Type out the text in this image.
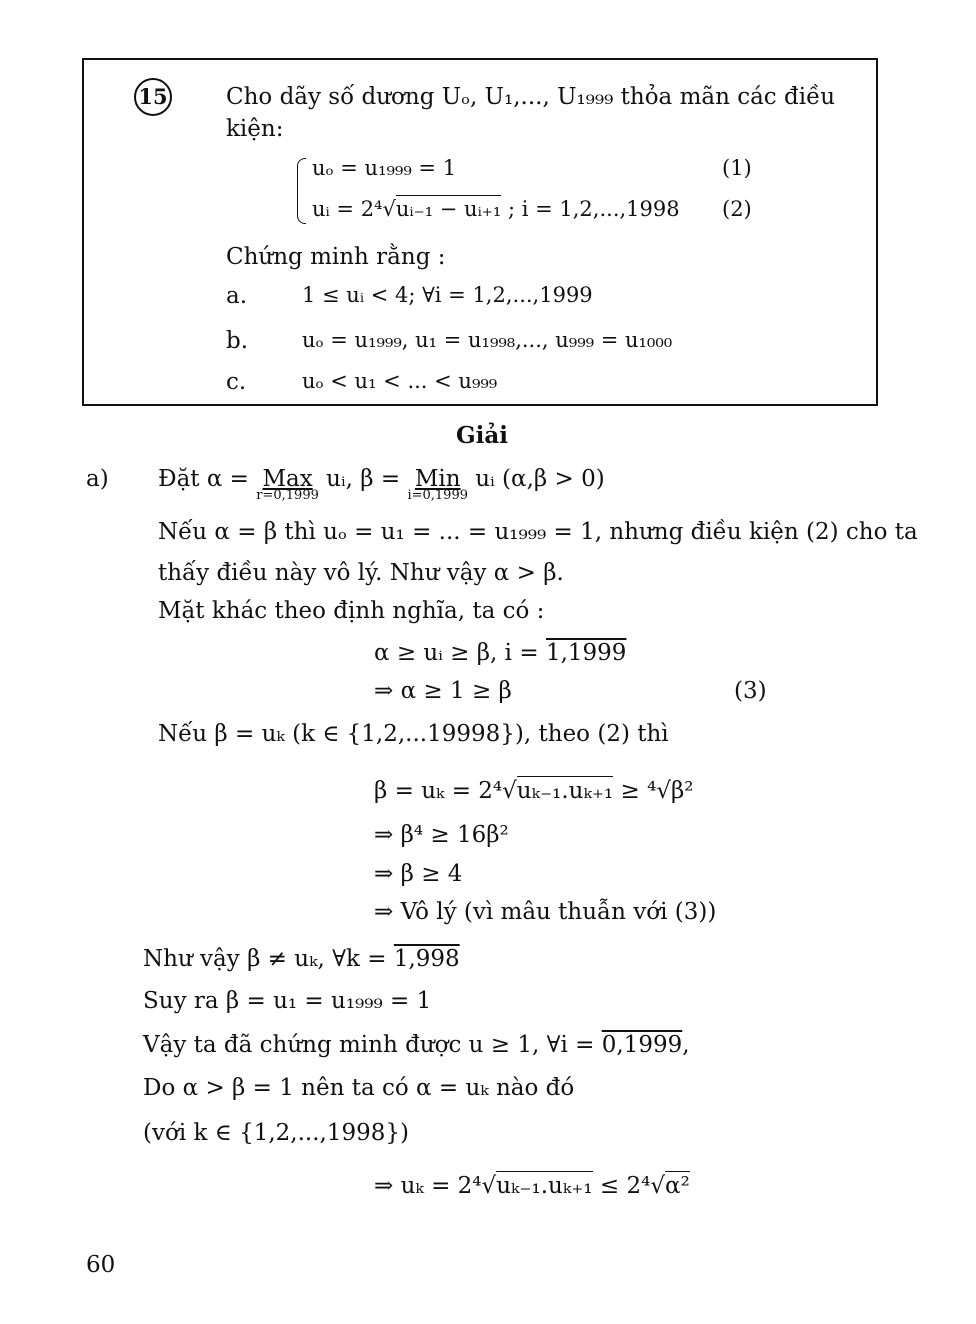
15	Cho dãy số dương Uₒ, U₁,..., U₁₉₉₉ thỏa mãn các điều
kiện:
uₒ = u₁₉₉₉ = 1	(1)
uᵢ = 2⁴√uᵢ₋₁ − uᵢ₊₁ ; i = 1,2,...,1998 (2)
Chứng minh rằng :
a.	1 ≤ uᵢ < 4; ∀i = 1,2,...,1999
b.	uₒ = u₁₉₉₉, u₁ = u₁₉₉₈,..., u₉₉₉ = u₁₀₀₀
c.	uₒ < u₁ < ... < u₉₉₉
Giải
a) Đặt α = Max
r=0,1999
uᵢ, β = Min
i=0,1999
uᵢ (α,β > 0)
Nếu α = β thì uₒ = u₁ = ... = u₁₉₉₉ = 1, nhưng điều kiện (2) cho ta
thấy điều này vô lý. Như vậy α > β.
Mặt khác theo định nghĩa, ta có :
α ≥ uᵢ ≥ β, i = 1,1999
⇒ α ≥ 1 ≥ β	(3)
Nếu β = uₖ (k ∈ {1,2,...19998}), theo (2) thì
β = uₖ = 2⁴√uₖ₋₁.uₖ₊₁ ≥ ⁴√β²
⇒ β⁴ ≥ 16β²
⇒ β ≥ 4
⇒ Vô lý (vì mâu thuẫn với (3))
Như vậy β ≠ uₖ, ∀k = 1,998
Suy ra β = u₁ = u₁₉₉₉ = 1
Vậy ta đã chứng minh được u ≥ 1, ∀i = 0,1999,
Do α > β = 1 nên ta có α = uₖ nào đó
(với k ∈ {1,2,...,1998})
⇒ uₖ = 2⁴√uₖ₋₁.uₖ₊₁ ≤ 2⁴√α²
60
